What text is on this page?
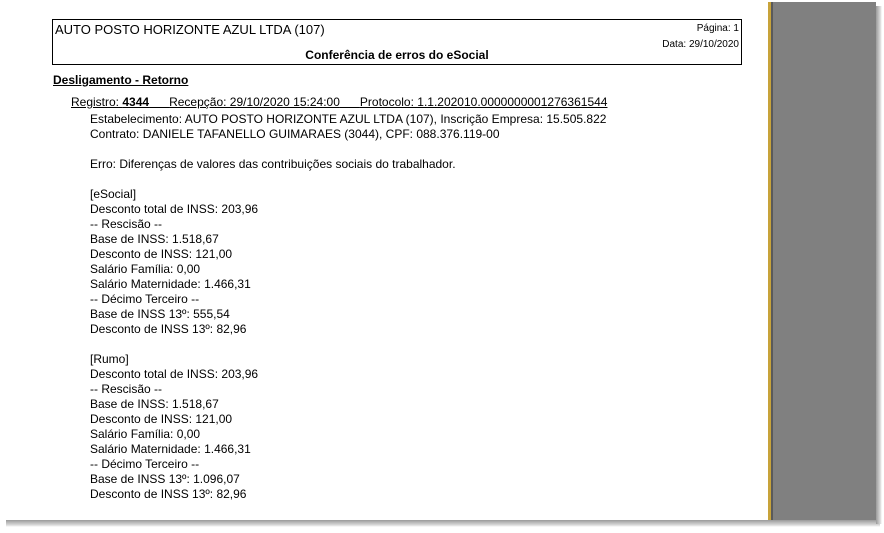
AUTO POSTO HORIZONTE AZUL LTDA (107)	Página: 1
Data: 29/10/2020
Conferência de erros do eSocial
Desligamento - Retorno
Registro: 4344 Recepção: 29/10/2020 15:24:00 Protocolo: 1.1.202010.0000000001276361544
Estabelecimento: AUTO POSTO HORIZONTE AZUL LTDA (107), Inscrição Empresa: 15.505.822
Contrato: DANIELE TAFANELLO GUIMARAES (3044), CPF: 088.376.119-00
Erro: Diferenças de valores das contribuições sociais do trabalhador.
[eSocial]
Desconto total de INSS: 203,96
-- Rescisão --
Base de INSS: 1.518,67
Desconto de INSS: 121,00
Salário Família: 0,00
Salário Maternidade: 1.466,31
-- Décimo Terceiro --
Base de INSS 13º: 555,54
Desconto de INSS 13º: 82,96
[Rumo]
Desconto total de INSS: 203,96
-- Rescisão --
Base de INSS: 1.518,67
Desconto de INSS: 121,00
Salário Família: 0,00
Salário Maternidade: 1.466,31
-- Décimo Terceiro --
Base de INSS 13º: 1.096,07
Desconto de INSS 13º: 82,96
